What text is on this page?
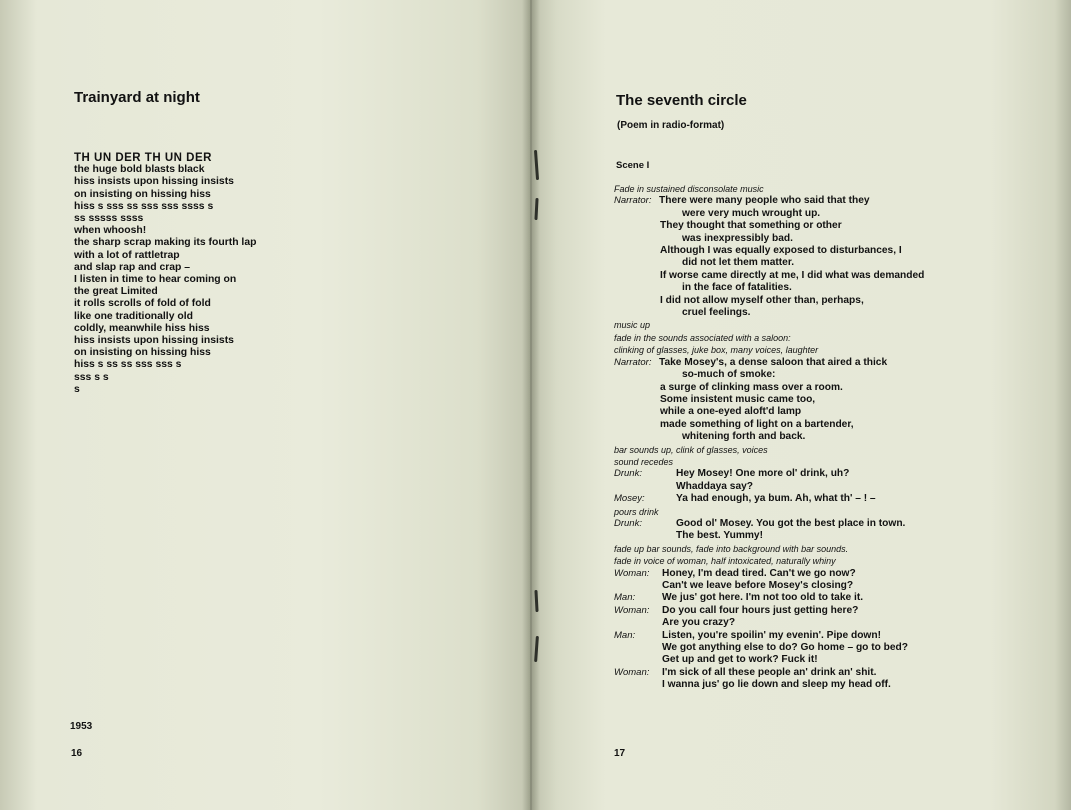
Trainyard at night
TH UN DER TH UN DER
the huge bold blasts black
hiss insists upon hissing insists
on insisting on hissing hiss
hiss s sss ss sss sss ssss s
ss sssss ssss
when whoosh!
the sharp scrap making its fourth lap
with a lot of rattletrap
and slap rap and crap –
I listen in time to hear coming on
the great Limited
it rolls scrolls of fold of fold
like one traditionally old
coldly, meanwhile hiss hiss
hiss insists upon hissing insists
on insisting on hissing hiss
hiss s ss ss sss sss s
sss s s
s
1953
16
The seventh circle
(Poem in radio-format)
Scene I
Fade in sustained disconsolate music
Narrator: There were many people who said that they
were very much wrought up.
They thought that something or other
was inexpressibly bad.
Although I was equally exposed to disturbances, I
did not let them matter.
If worse came directly at me, I did what was demanded
in the face of fatalities.
I did not allow myself other than, perhaps,
cruel feelings.
music up
fade in the sounds associated with a saloon:
clinking of glasses, juke box, many voices, laughter
Narrator: Take Mosey's, a dense saloon that aired a thick
so-much of smoke:
a surge of clinking mass over a room.
Some insistent music came too,
while a one-eyed aloft'd lamp
made something of light on a bartender,
whitening forth and back.
bar sounds up, clink of glasses, voices
sound recedes
Drunk:	Hey Mosey! One more ol' drink, uh?
Whaddaya say?
Mosey:	Ya had enough, ya bum. Ah, what th' – ! –
pours drink
Drunk:	Good ol' Mosey. You got the best place in town.
The best. Yummy!
fade up bar sounds, fade into background with bar sounds.
fade in voice of woman, half intoxicated, naturally whiny
Woman:	Honey, I'm dead tired. Can't we go now?
Can't we leave before Mosey's closing?
Man:	We jus' got here. I'm not too old to take it.
Woman:	Do you call four hours just getting here?
Are you crazy?
Man:	Listen, you're spoilin' my evenin'. Pipe down!
We got anything else to do? Go home – go to bed?
Get up and get to work? Fuck it!
Woman:	I'm sick of all these people an' drink an' shit.
I wanna jus' go lie down and sleep my head off.
17
